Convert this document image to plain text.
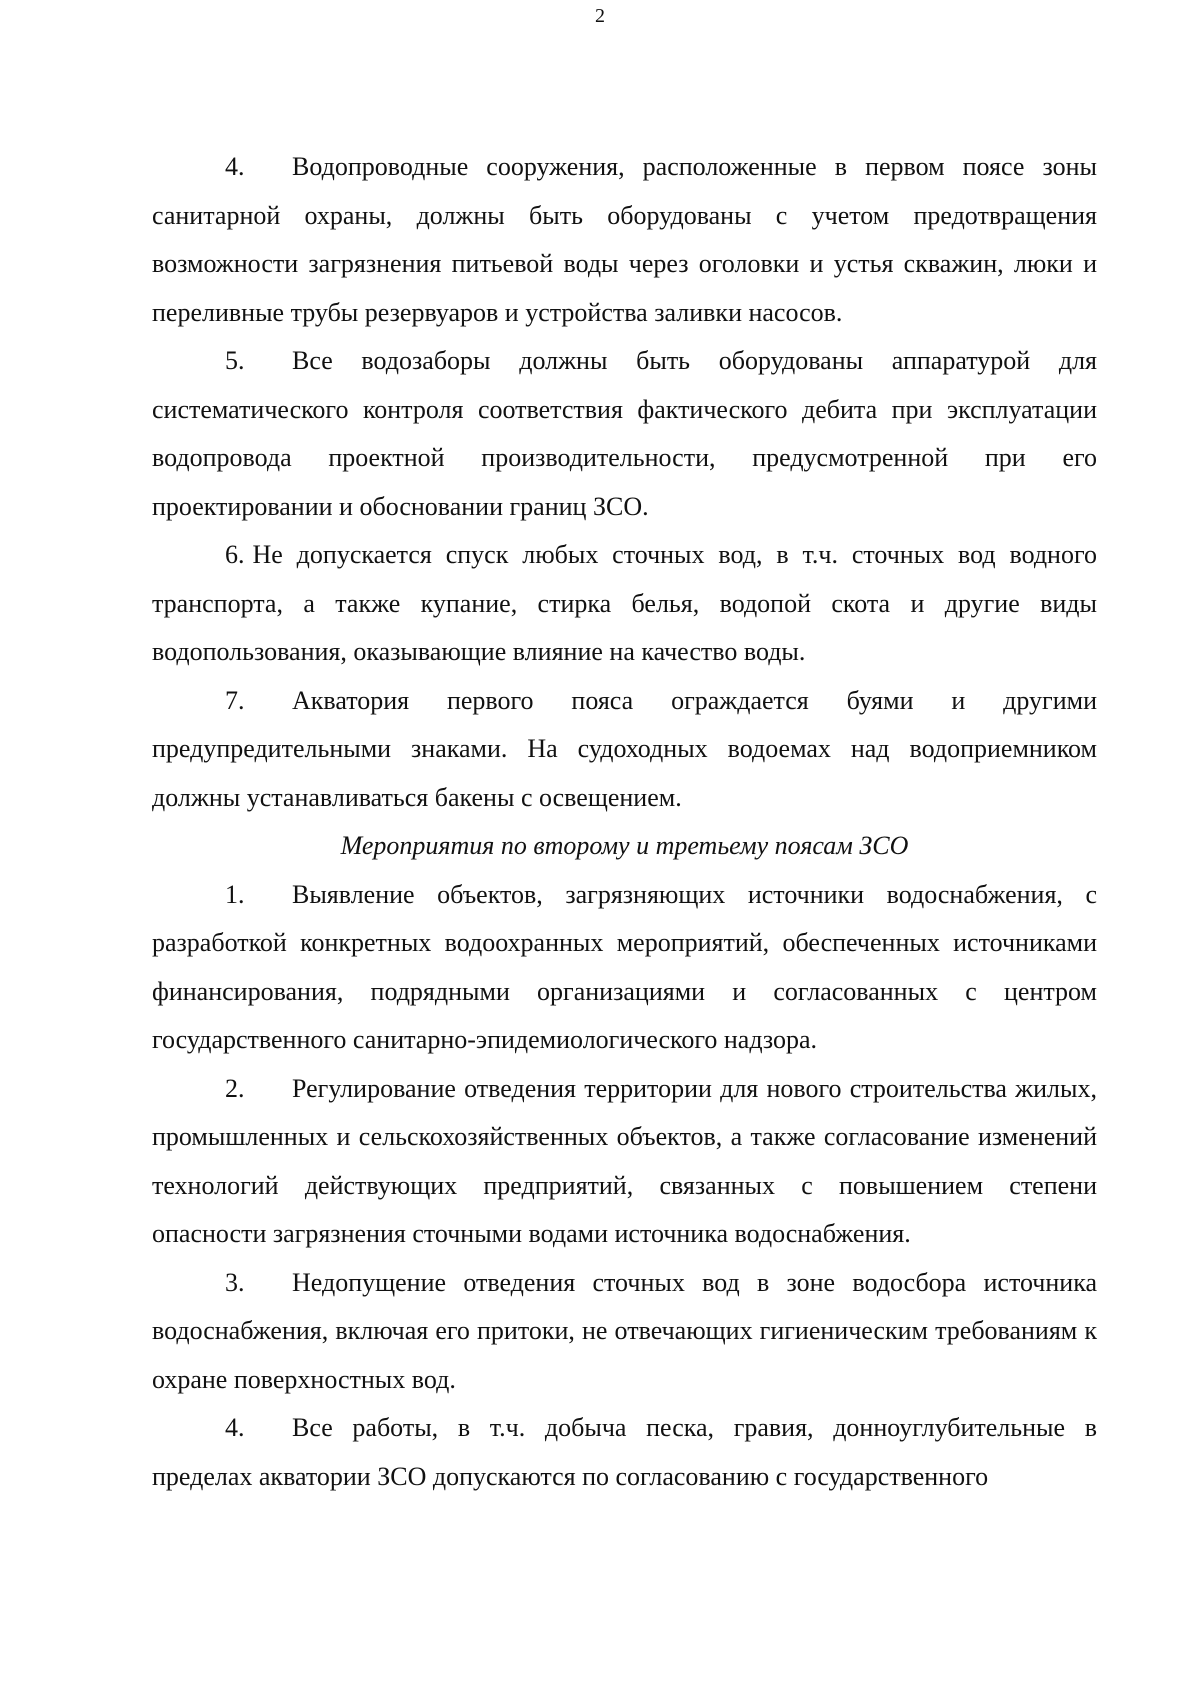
2

4. Водопроводные сооружения, расположенные в первом поясе зоны санитарной охраны, должны быть оборудованы с учетом предотвращения возможности загрязнения питьевой воды через оголовки и устья скважин, люки и переливные трубы резервуаров и устройства заливки насосов.

5. Все водозаборы должны быть оборудованы аппаратурой для систематического контроля соответствия фактического дебита при эксплуатации водопровода проектной производительности, предусмотренной при его проектировании и обосновании границ ЗСО.

6. Не допускается спуск любых сточных вод, в т.ч. сточных вод водного транспорта, а также купание, стирка белья, водопой скота и другие виды водопользования, оказывающие влияние на качество воды.

7. Акватория первого пояса ограждается буями и другими предупредительными знаками. На судоходных водоемах над водоприемником должны устанавливаться бакены с освещением.

Мероприятия по второму и третьему поясам ЗСО

1. Выявление объектов, загрязняющих источники водоснабжения, с разработкой конкретных водоохранных мероприятий, обеспеченных источниками финансирования, подрядными организациями и согласованных с центром государственного санитарно-эпидемиологического надзора.

2. Регулирование отведения территории для нового строительства жилых, промышленных и сельскохозяйственных объектов, а также согласование изменений технологий действующих предприятий, связанных с повышением степени опасности загрязнения сточными водами источника водоснабжения.

3. Недопущение отведения сточных вод в зоне водосбора источника водоснабжения, включая его притоки, не отвечающих гигиеническим требованиям к охране поверхностных вод.

4. Все работы, в т.ч. добыча песка, гравия, донноуглубительные в пределах акватории ЗСО допускаются по согласованию с государственного
